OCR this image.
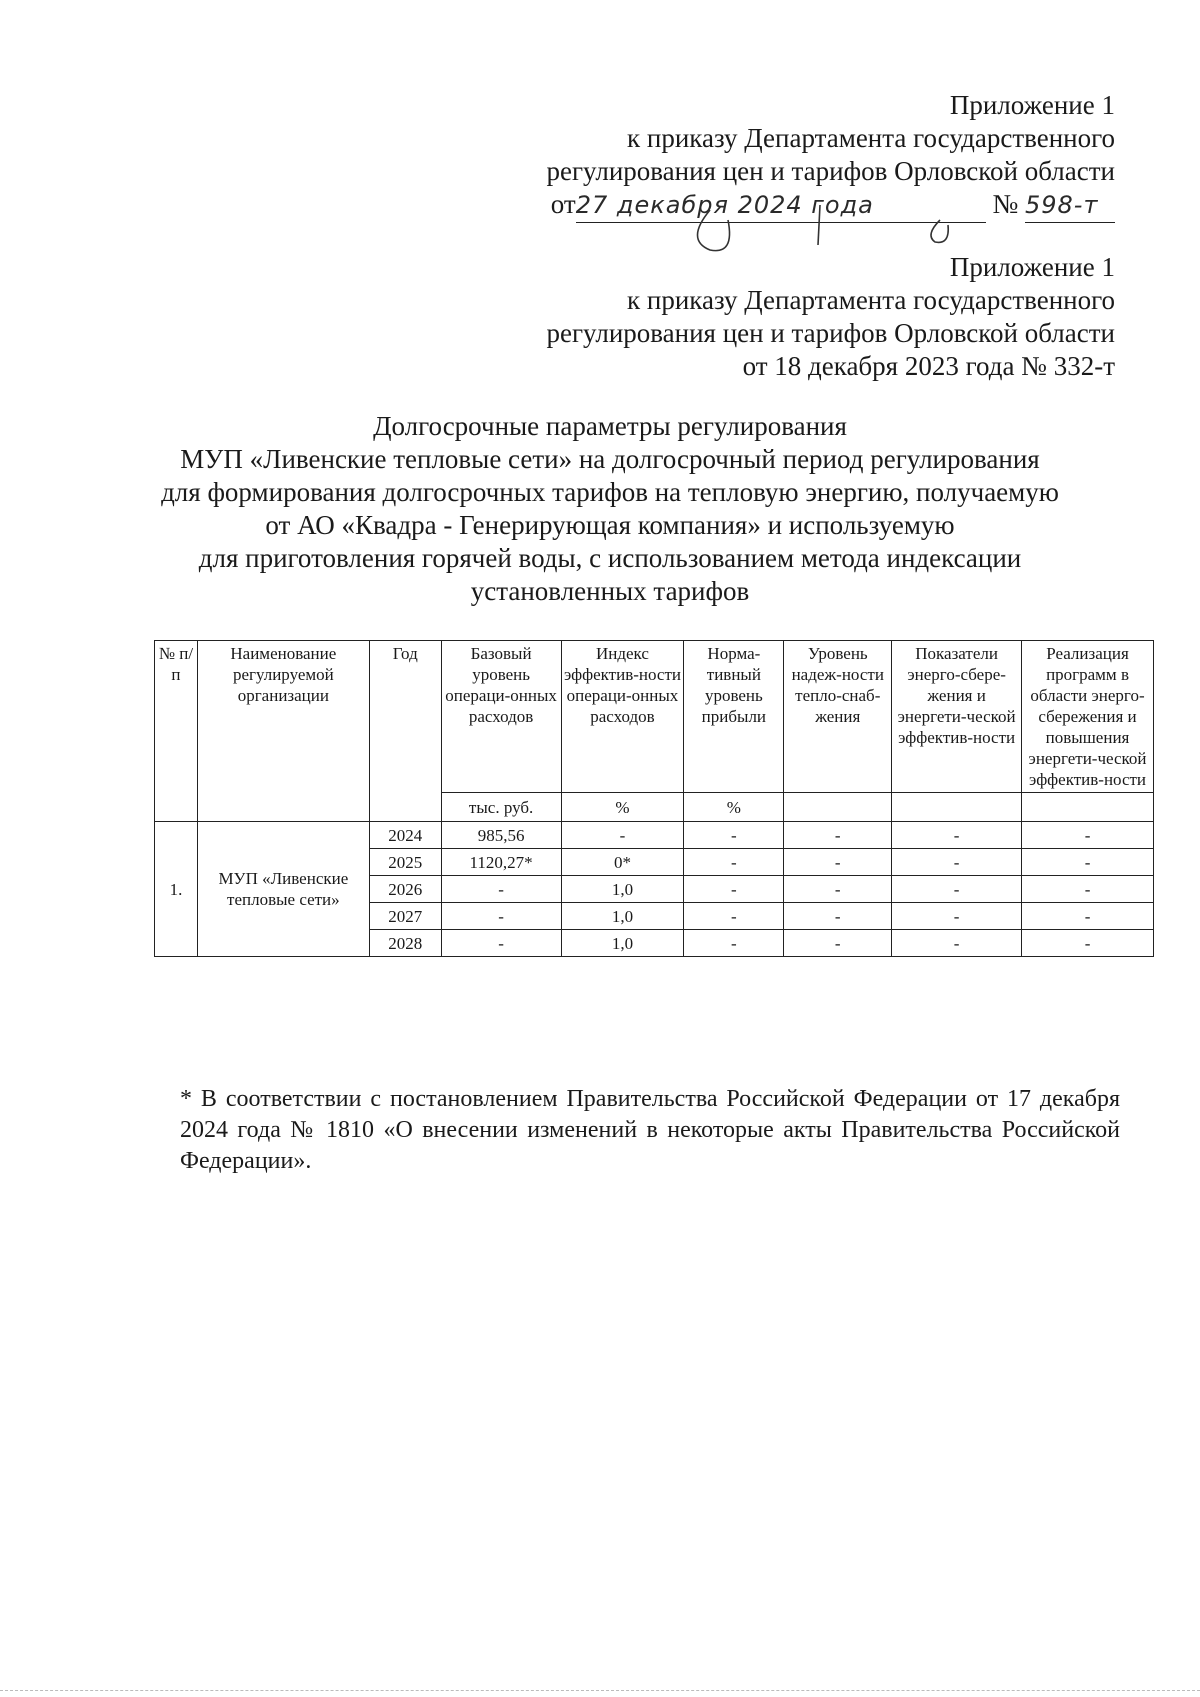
Приложение 1
к приказу Департамента государственного
регулирования цен и тарифов Орловской области
от27 декабря 2024 года	№ 598-т
Приложение 1
к приказу Департамента государственного
регулирования цен и тарифов Орловской области
от 18 декабря 2023 года № 332-т
Долгосрочные параметры регулирования
МУП «Ливенские тепловые сети» на долгосрочный период регулирования
для формирования долгосрочных тарифов на тепловую энергию, получаемую
от АО «Квадра - Генерирующая компания» и используемую
для приготовления горячей воды, с использованием метода индексации
установленных тарифов
№ п/п	Наименование регулируемой организации	Год	Базовый уровень операци-онных расходов	Индекс эффектив-ности операци-онных расходов	Норма-тивный уровень прибыли	Уровень надеж-ности тепло-снаб-жения	Показатели энерго-сбере-жения и энергети-ческой эффектив-ности	Реализация программ в области энерго-сбережения и повышения энергети-ческой эффектив-ности
			тыс. руб.	%	%			
1.	МУП «Ливенские тепловые сети»	2024	985,56	-	-	-	-	-
		2025	1120,27*	0*	-	-	-	-
		2026	-	1,0	-	-	-	-
		2027	-	1,0	-	-	-	-
		2028	-	1,0	-	-	-	-
* В соответствии с постановлением Правительства Российской Федерации от 17 декабря 2024 года № 1810 «О внесении изменений в некоторые акты Правительства Российской Федерации».
